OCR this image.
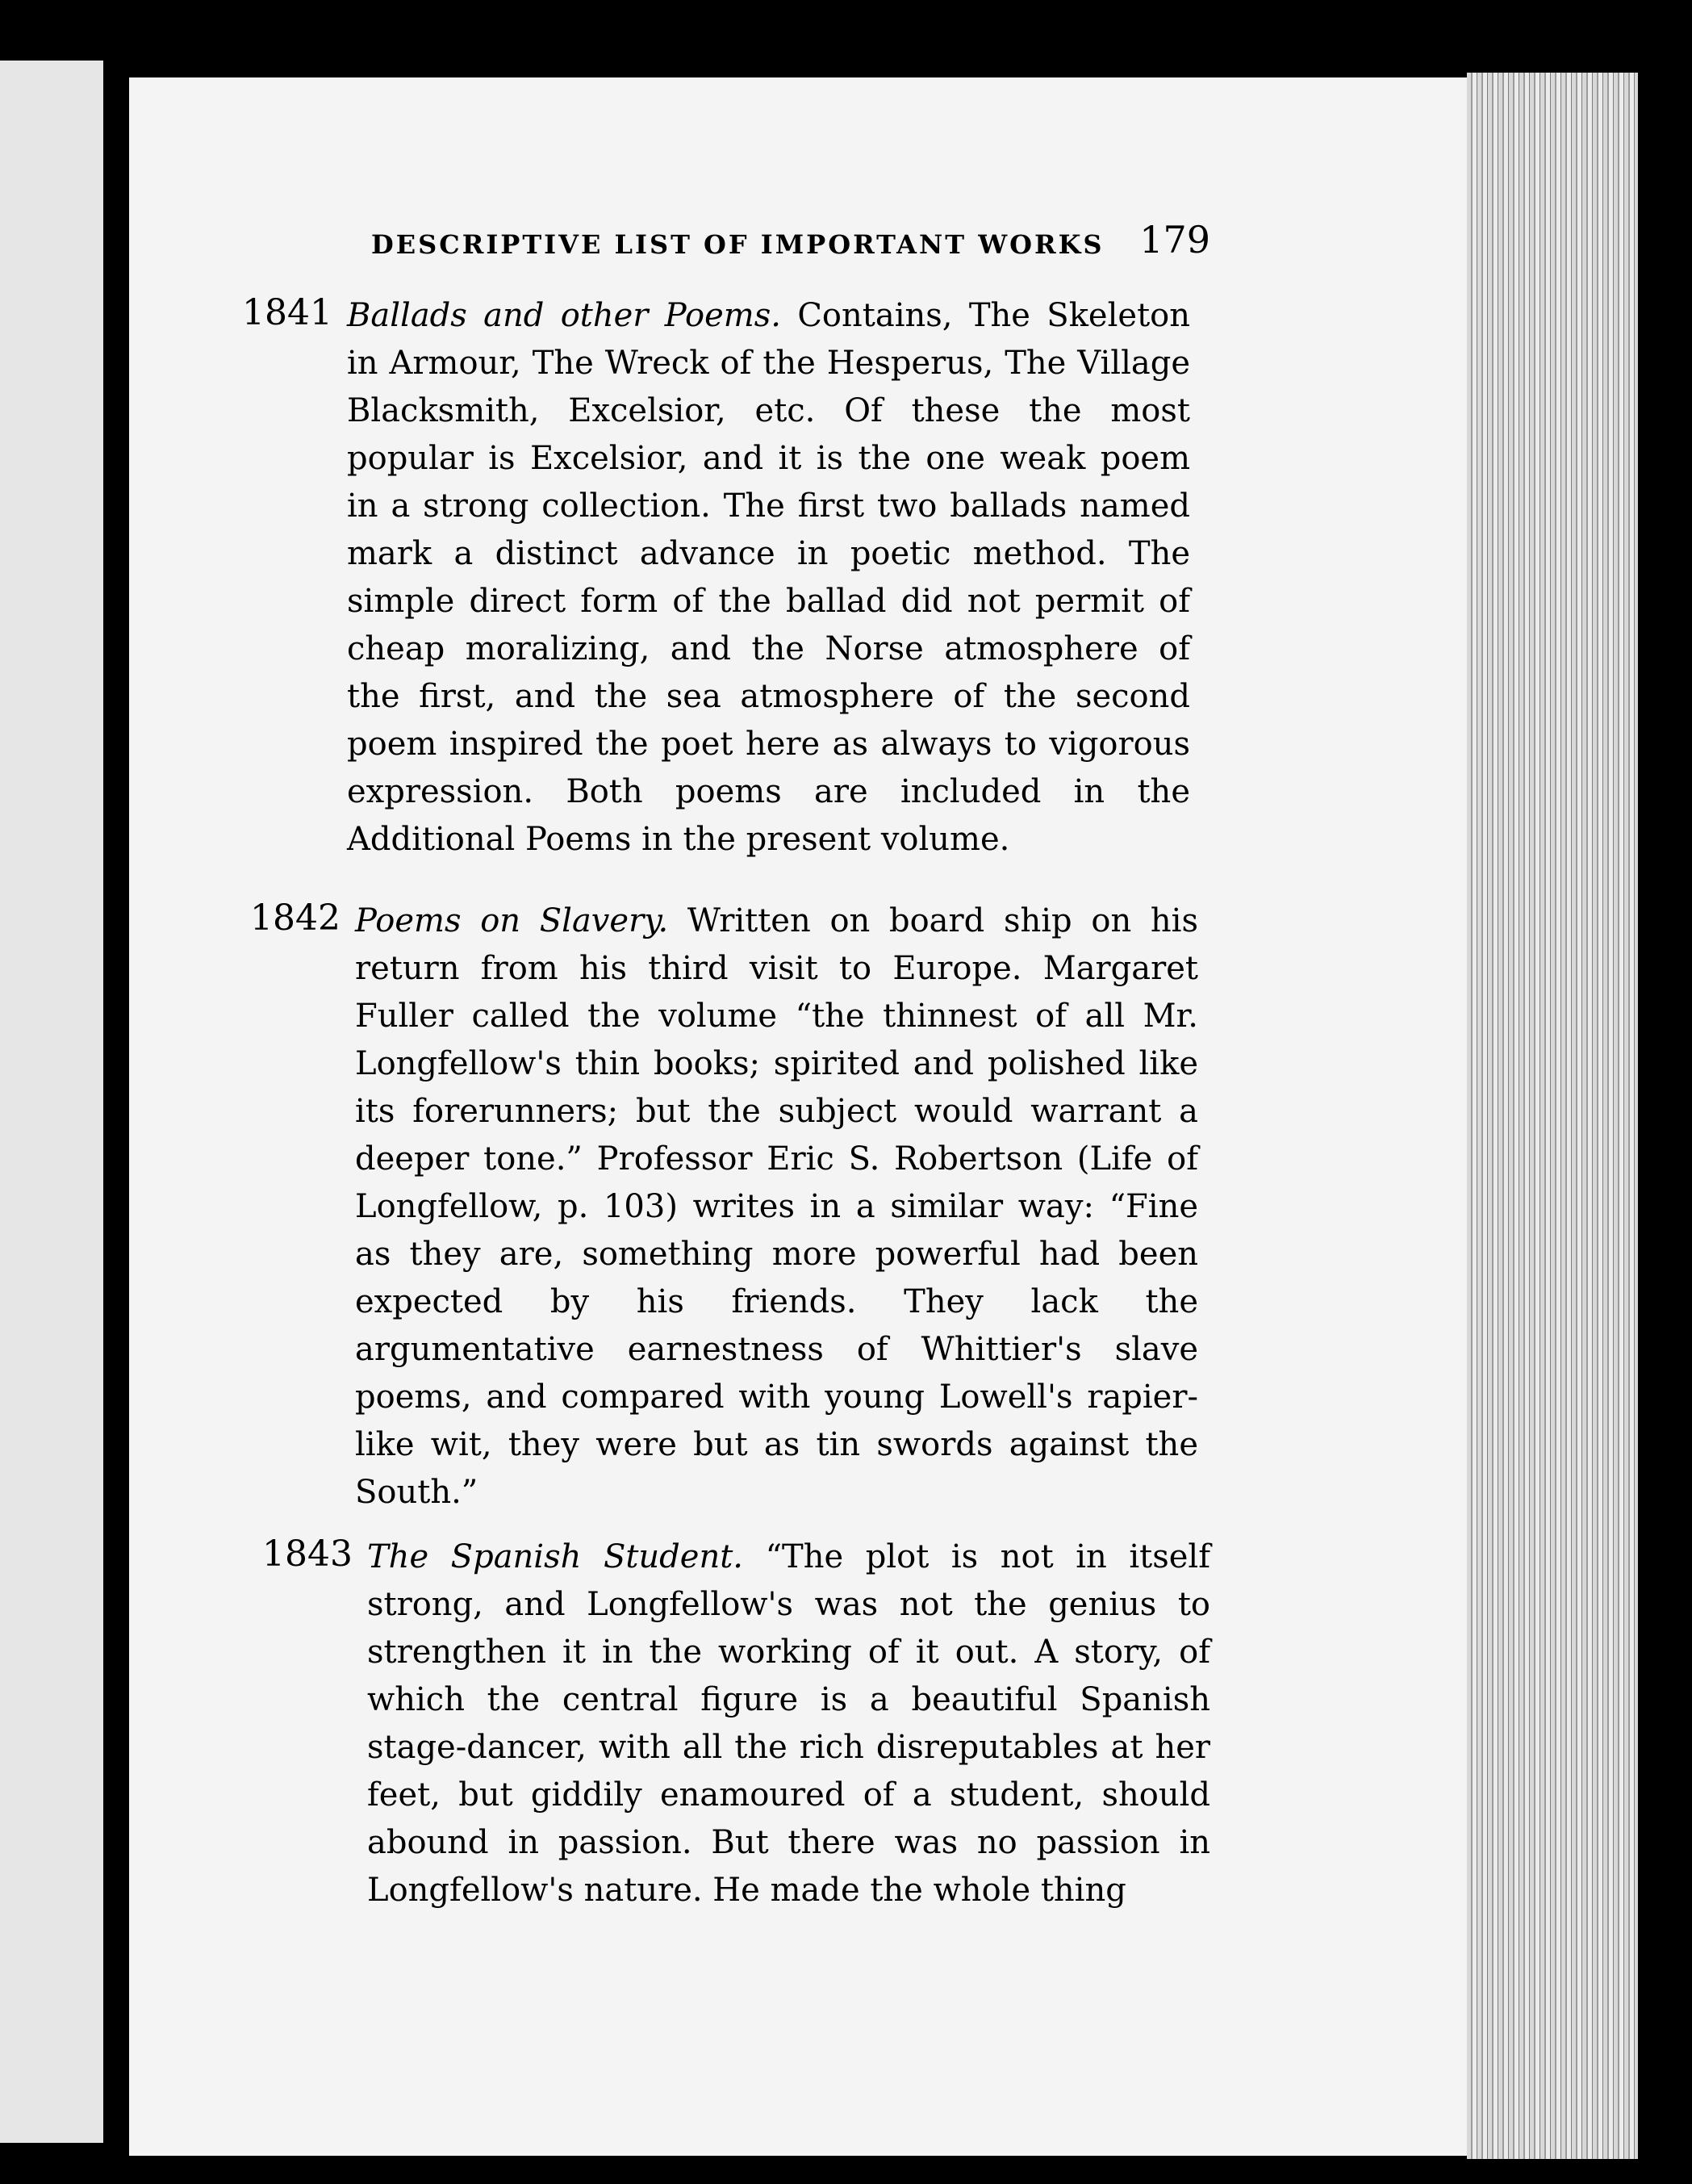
DESCRIPTIVE LIST OF IMPORTANT WORKS 179
1841 Ballads and other Poems. Contains, The Skeleton in Armour, The Wreck of the Hesperus, The Village Blacksmith, Excelsior, etc. Of these the most popular is Excelsior, and it is the one weak poem in a strong collection. The first two ballads named mark a distinct advance in poetic method. The simple direct form of the ballad did not permit of cheap moralizing, and the Norse atmosphere of the first, and the sea atmosphere of the second poem inspired the poet here as always to vigorous expression. Both poems are included in the Additional Poems in the present volume.
1842 Poems on Slavery. Written on board ship on his return from his third visit to Europe. Margaret Fuller called the volume “the thinnest of all Mr. Longfellow's thin books; spirited and polished like its forerunners; but the subject would warrant a deeper tone.” Professor Eric S. Robertson (Life of Longfellow, p. 103) writes in a similar way: “Fine as they are, something more powerful had been expected by his friends. They lack the argumentative earnestness of Whittier's slave poems, and compared with young Lowell's rapier-like wit, they were but as tin swords against the South.”
1843 The Spanish Student. “The plot is not in itself strong, and Longfellow's was not the genius to strengthen it in the working of it out. A story, of which the central figure is a beautiful Spanish stage-dancer, with all the rich disreputables at her feet, but giddily enamoured of a student, should abound in passion. But there was no passion in Longfellow's nature. He made the whole thing
